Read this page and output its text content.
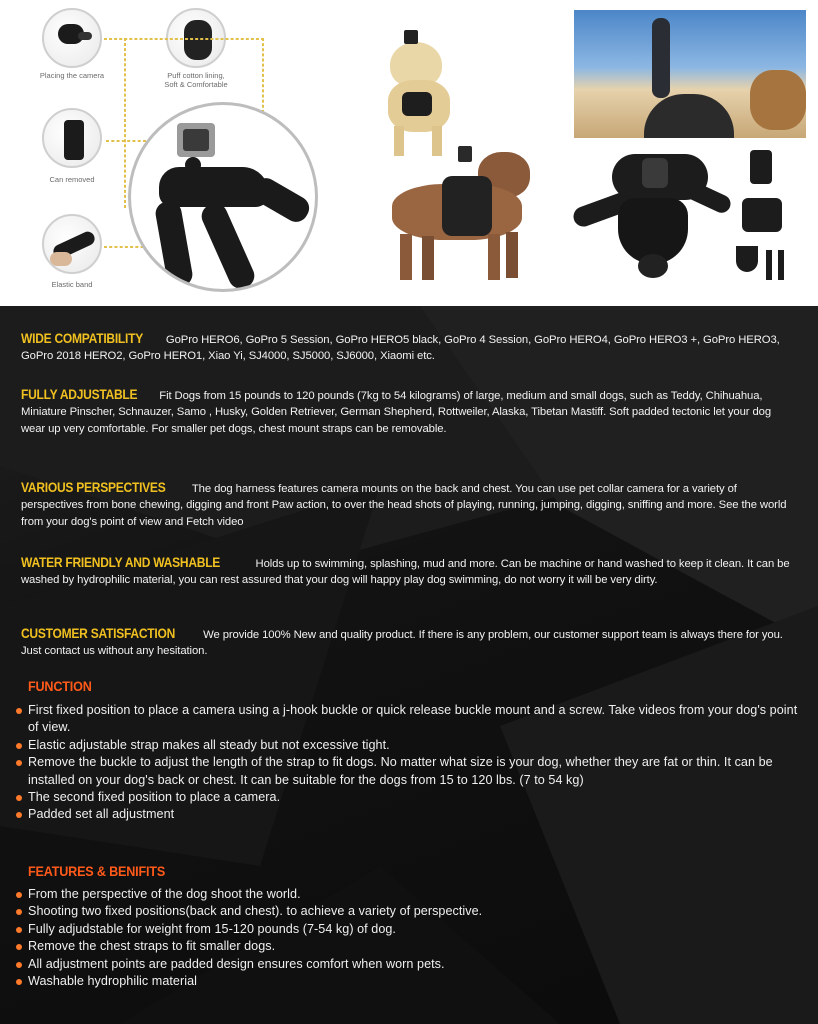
Placing the camera	Puff cotton lining,
Soft & Comfortable
Can removed
Elastic band
WIDE COMPATIBILITY GoPro HERO6, GoPro 5 Session, GoPro HERO5 black, GoPro 4 Session, GoPro HERO4, GoPro HERO3 +, GoPro HERO3, GoPro 2018 HERO2, GoPro HERO1, Xiao Yi, SJ4000, SJ5000, SJ6000, Xiaomi etc.
FULLY ADJUSTABLE Fit Dogs from 15 pounds to 120 pounds (7kg to 54 kilograms) of large, medium and small dogs, such as Teddy, Chihuahua, Miniature Pinscher, Schnauzer, Samo , Husky, Golden Retriever, German Shepherd, Rottweiler, Alaska, Tibetan Mastiff. Soft padded tectonic let your dog wear up very comfortable. For smaller pet dogs, chest mount straps can be removable.
VARIOUS PERSPECTIVES The dog harness features camera mounts on the back and chest. You can use pet collar camera for a variety of perspectives from bone chewing, digging and front Paw action, to over the head shots of playing, running, jumping, digging, sniffing and more. See the world from your dog's point of view and Fetch video
WATER FRIENDLY AND WASHABLE	Holds up to swimming, splashing, mud and more. Can be machine or hand washed to keep it clean. It can be washed by hydrophilic material, you can rest assured that your dog will happy play dog swimming, do not worry it will be very dirty.
CUSTOMER SATISFACTION We provide 100% New and quality product. If there is any problem, our customer support team is always there for you. Just contact us without any hesitation.
FUNCTION
First fixed position to place a camera using a j-hook buckle or quick release buckle mount and a screw. Take videos from your dog's point of view.
Elastic adjustable strap makes all steady but not excessive tight.
Remove the buckle to adjust the length of the strap to fit dogs. No matter what size is your dog, whether they are fat or thin. It can be installed on your dog's back or chest. It can be suitable for the dogs from 15 to 120 lbs. (7 to 54 kg)
The second fixed position to place a camera.
Padded set all adjustment
FEATURES & BENIFITS
From the perspective of the dog shoot the world.
Shooting two fixed positions(back and chest). to achieve a variety of perspective.
Fully adjudstable for weight from 15-120 pounds (7-54 kg) of dog.
Remove the chest straps to fit smaller dogs.
All adjustment points are padded design ensures comfort when worn pets.
Washable hydrophilic material
